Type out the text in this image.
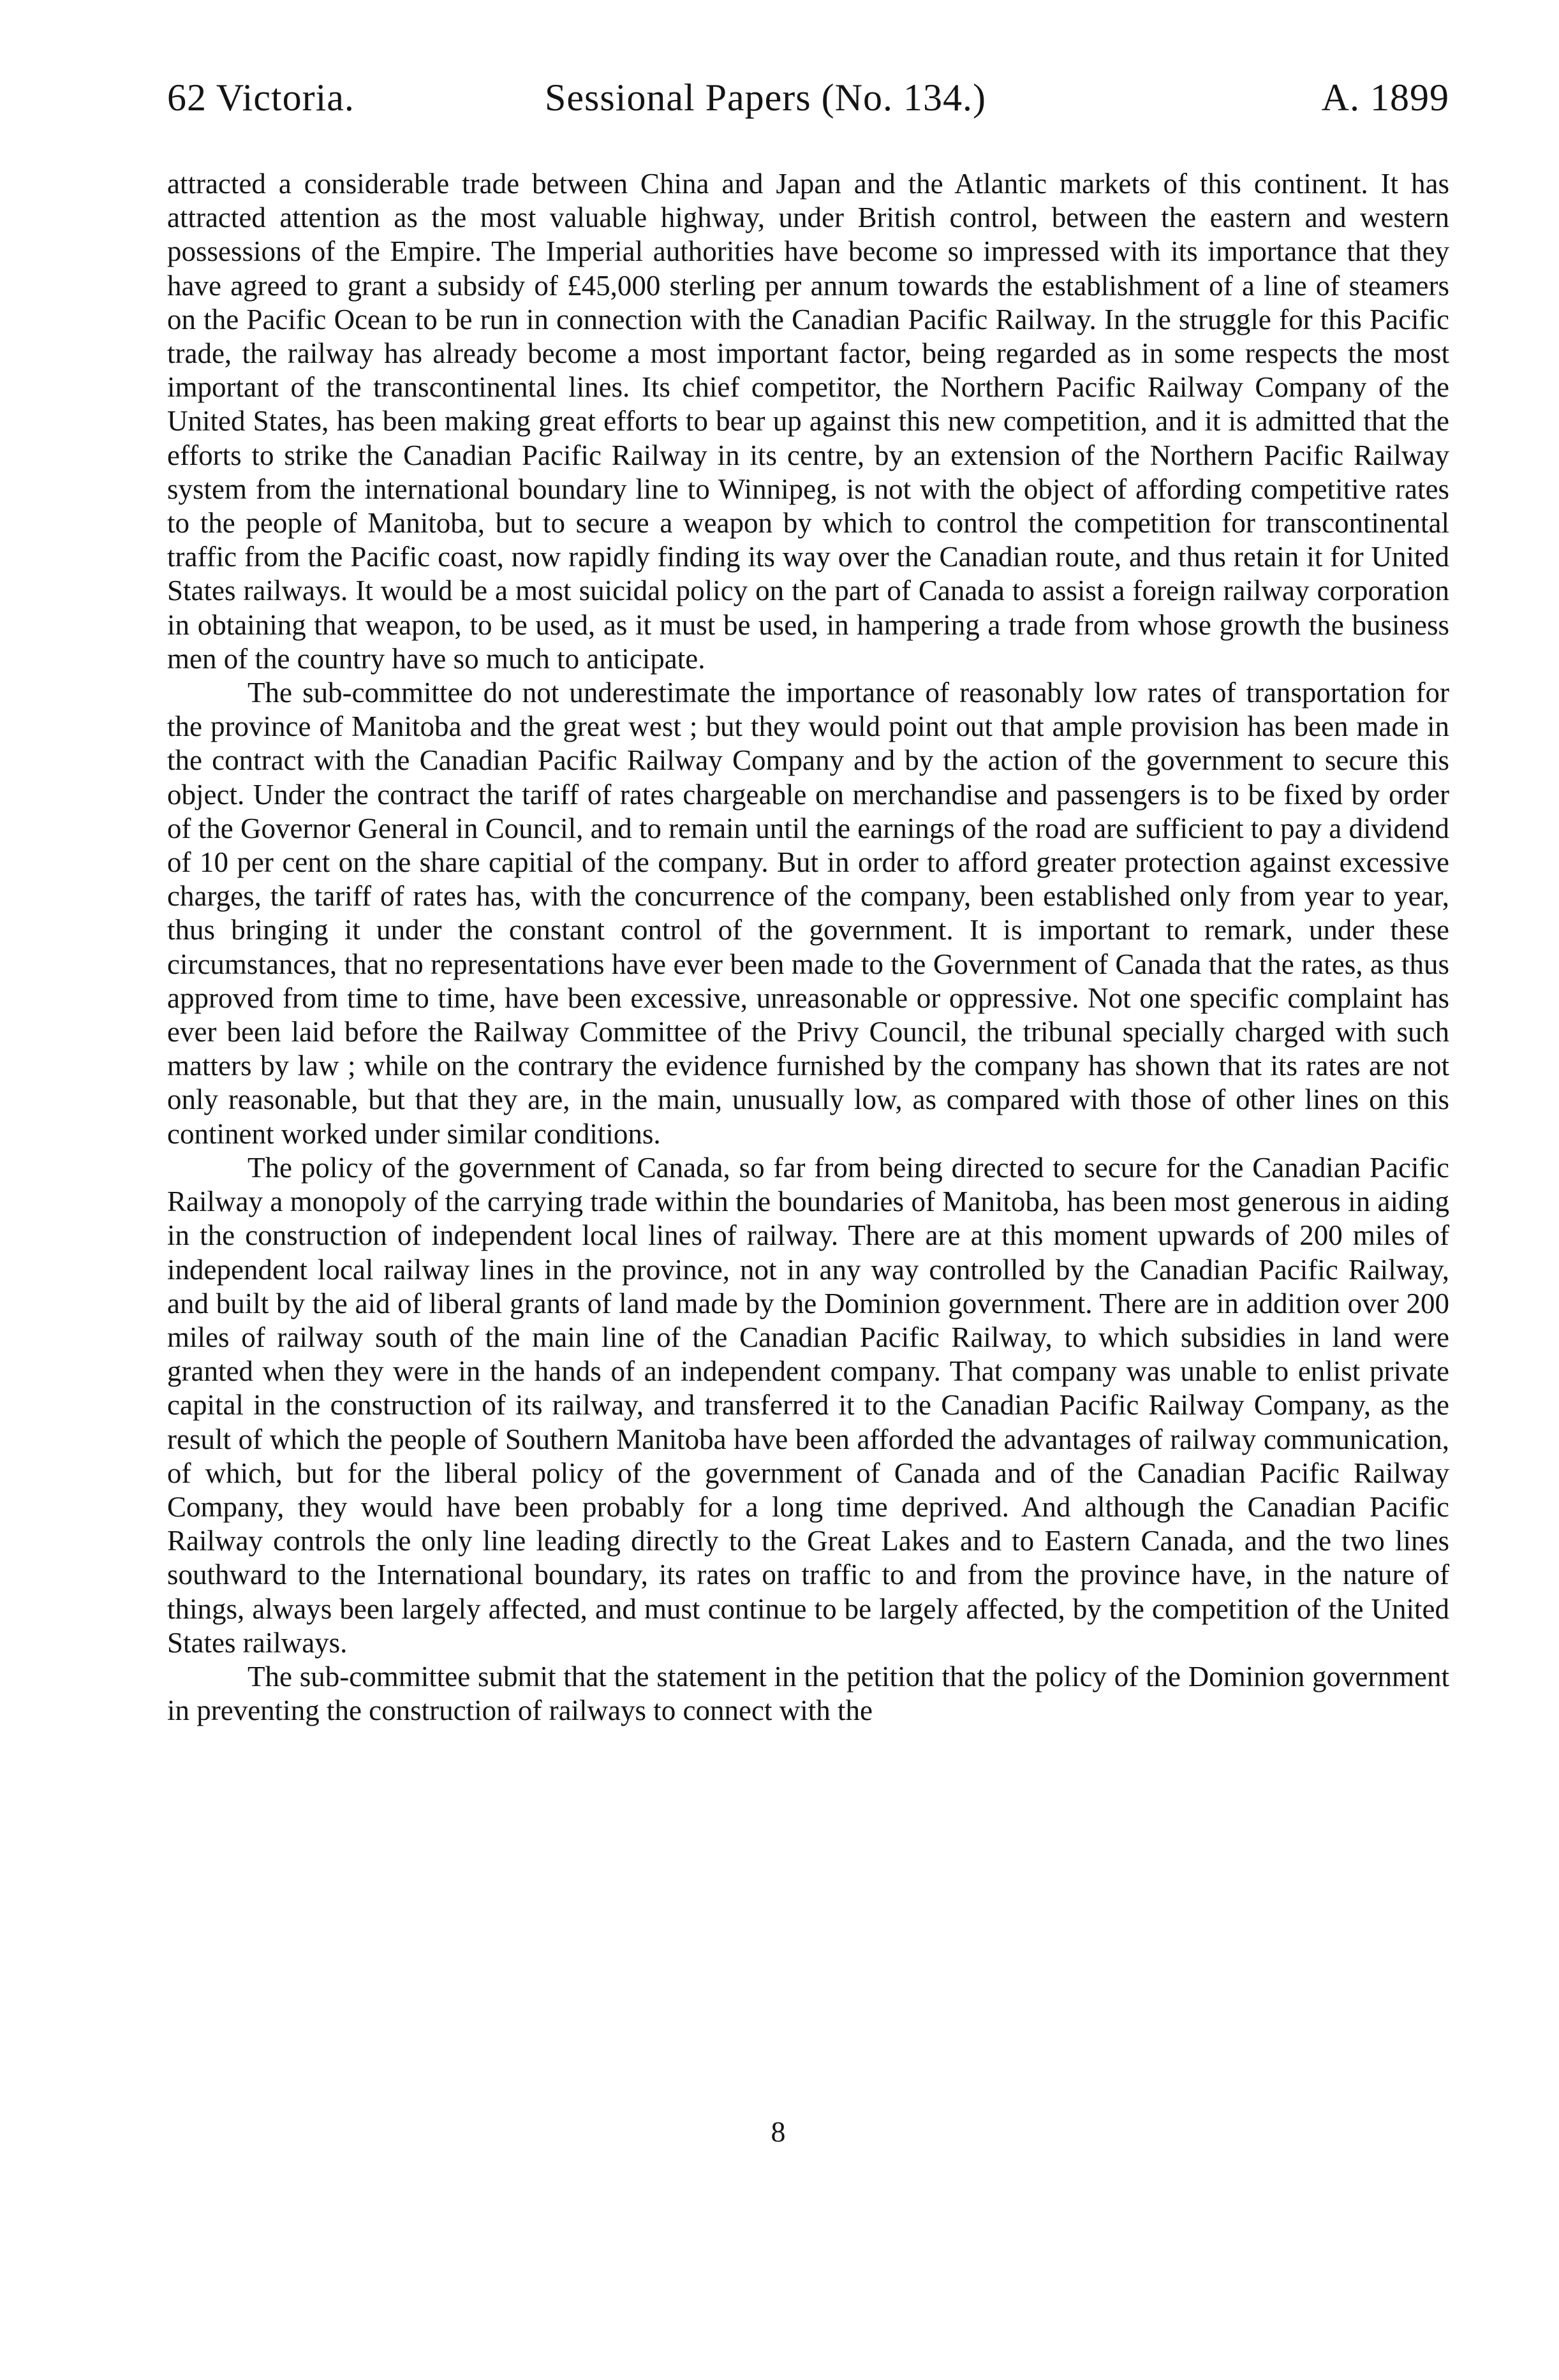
62 Victoria.	Sessional Papers (No. 134.)	A. 1899

attracted a considerable trade between China and Japan and the Atlantic markets of this continent. It has attracted attention as the most valuable highway, under British control, between the eastern and western possessions of the Empire. The Imperial authorities have become so impressed with its importance that they have agreed to grant a subsidy of £45,000 sterling per annum towards the establishment of a line of steamers on the Pacific Ocean to be run in connection with the Canadian Pacific Railway. In the struggle for this Pacific trade, the railway has already become a most important factor, being regarded as in some respects the most important of the transcontinental lines. Its chief competitor, the Northern Pacific Railway Company of the United States, has been making great efforts to bear up against this new competition, and it is admitted that the efforts to strike the Canadian Pacific Railway in its centre, by an extension of the Northern Pacific Railway system from the international boundary line to Winnipeg, is not with the object of affording competitive rates to the people of Manitoba, but to secure a weapon by which to control the competition for transcontinental traffic from the Pacific coast, now rapidly finding its way over the Canadian route, and thus retain it for United States railways. It would be a most suicidal policy on the part of Canada to assist a foreign railway corporation in obtaining that weapon, to be used, as it must be used, in hampering a trade from whose growth the business men of the country have so much to anticipate.

The sub-committee do not underestimate the importance of reasonably low rates of transportation for the province of Manitoba and the great west ; but they would point out that ample provision has been made in the contract with the Canadian Pacific Railway Company and by the action of the government to secure this object. Under the contract the tariff of rates chargeable on merchandise and passengers is to be fixed by order of the Governor General in Council, and to remain until the earnings of the road are sufficient to pay a dividend of 10 per cent on the share capitial of the company. But in order to afford greater protection against excessive charges, the tariff of rates has, with the concurrence of the company, been established only from year to year, thus bringing it under the constant control of the government. It is important to remark, under these circumstances, that no representations have ever been made to the Government of Canada that the rates, as thus approved from time to time, have been excessive, unreasonable or oppressive. Not one specific complaint has ever been laid before the Railway Committee of the Privy Council, the tribunal specially charged with such matters by law ; while on the contrary the evidence furnished by the company has shown that its rates are not only reasonable, but that they are, in the main, unusually low, as compared with those of other lines on this continent worked under similar conditions.

The policy of the government of Canada, so far from being directed to secure for the Canadian Pacific Railway a monopoly of the carrying trade within the boundaries of Manitoba, has been most generous in aiding in the construction of independent local lines of railway. There are at this moment upwards of 200 miles of independent local railway lines in the province, not in any way controlled by the Canadian Pacific Railway, and built by the aid of liberal grants of land made by the Dominion government. There are in addition over 200 miles of railway south of the main line of the Canadian Pacific Railway, to which subsidies in land were granted when they were in the hands of an independent company. That company was unable to enlist private capital in the construction of its railway, and transferred it to the Canadian Pacific Railway Company, as the result of which the people of Southern Manitoba have been afforded the advantages of railway communication, of which, but for the liberal policy of the government of Canada and of the Canadian Pacific Railway Company, they would have been probably for a long time deprived. And although the Canadian Pacific Railway controls the only line leading directly to the Great Lakes and to Eastern Canada, and the two lines southward to the International boundary, its rates on traffic to and from the province have, in the nature of things, always been largely affected, and must continue to be largely affected, by the competition of the United States railways.

The sub-committee submit that the statement in the petition that the policy of the Dominion government in preventing the construction of railways to connect with the

8
